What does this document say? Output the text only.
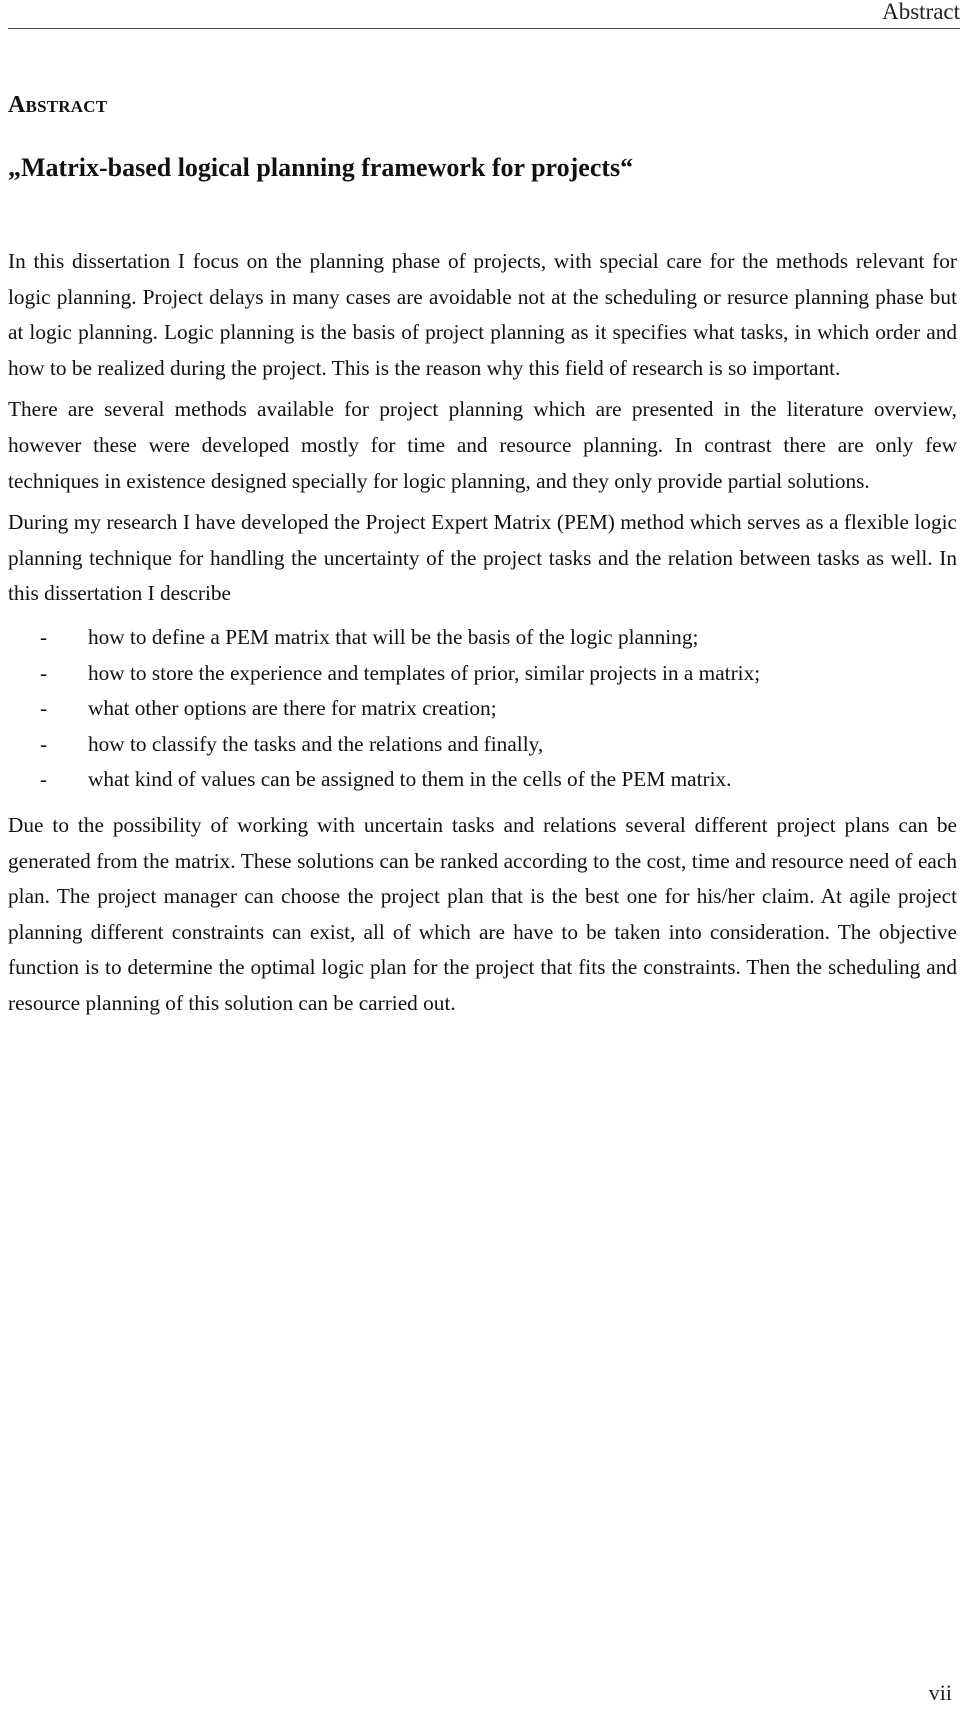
Abstract
Abstract
„Matrix-based logical planning framework for projects“

In this dissertation I focus on the planning phase of projects, with special care for the methods relevant for logic planning. Project delays in many cases are avoidable not at the scheduling or resurce planning phase but at logic planning. Logic planning is the basis of project planning as it specifies what tasks, in which order and how to be realized during the project. This is the reason why this field of research is so important.

There are several methods available for project planning which are presented in the literature overview, however these were developed mostly for time and resource planning. In contrast there are only few techniques in existence designed specially for logic planning, and they only provide partial solutions.

During my research I have developed the Project Expert Matrix (PEM) method which serves as a flexible logic planning technique for handling the uncertainty of the project tasks and the relation between tasks as well. In this dissertation I describe

-	how to define a PEM matrix that will be the basis of the logic planning;
-	how to store the experience and templates of prior, similar projects in a matrix;
-	what other options are there for matrix creation;
-	how to classify the tasks and the relations and finally,
-	what kind of values can be assigned to them in the cells of the PEM matrix.

Due to the possibility of working with uncertain tasks and relations several different project plans can be generated from the matrix. These solutions can be ranked according to the cost, time and resource need of each plan. The project manager can choose the project plan that is the best one for his/her claim. At agile project planning different constraints can exist, all of which are have to be taken into consideration. The objective function is to determine the optimal logic plan for the project that fits the constraints. Then the scheduling and resource planning of this solution can be carried out.

vii
